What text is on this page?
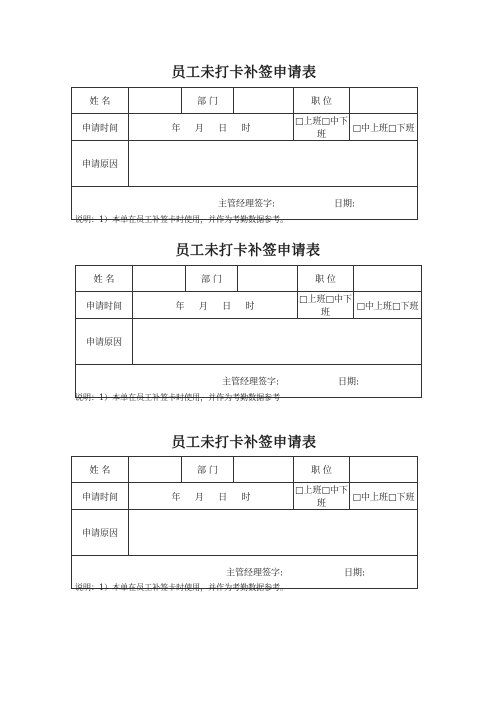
员工未打卡补签申请表
姓 名		部 门		职 位	
申请时间	年     月     日     时			□上班□中下班	□中上班□下班
申请原因					

主管经理签字: 日期:					
说明：1）本单在员工补签卡时使用，并作为考勤数据参考。
员工未打卡补签申请表
姓 名		部 门		职 位	
申请时间	年     月     日     时			□上班□中下班	□中上班□下班
申请原因					

主管经理签字: 日期:					
说明：1）本单在员工补签卡时使用，并作为考勤数据参考
员工未打卡补签申请表
姓 名		部 门		职 位	
申请时间	年     月     日     时			□上班□中下班	□中上班□下班
申请原因					

主管经理签字: 日期:					
说明：1）本单在员工补签卡时使用，并作为考勤数据参考。
